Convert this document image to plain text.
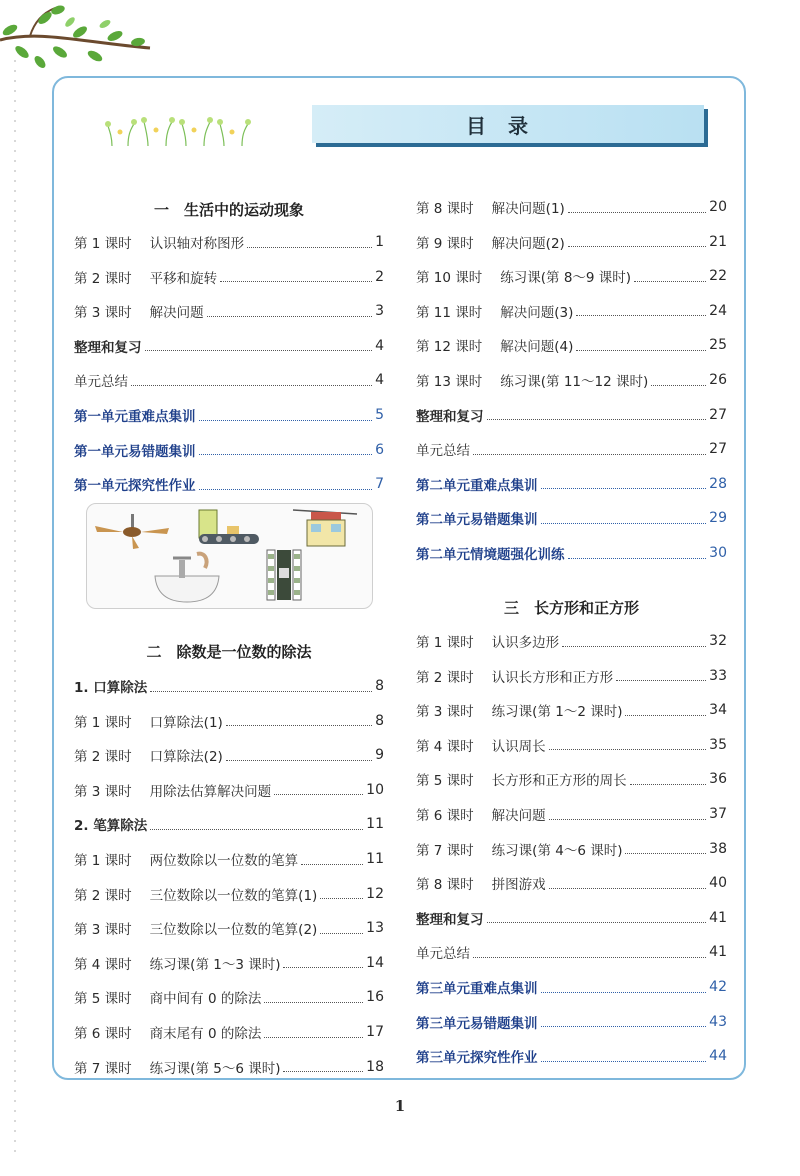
目录
1
一　生活中的运动现象
第 1 课时 认识轴对称图形	1
第 2 课时 平移和旋转	2
第 3 课时 解决问题	3
整理和复习	4
单元总结	4
第一单元重难点集训	5
第一单元易错题集训	6
第一单元探究性作业	7
二　除数是一位数的除法
1. 口算除法	8
第 1 课时 口算除法(1)	8
第 2 课时 口算除法(2)	9
第 3 课时 用除法估算解决问题	10
2. 笔算除法	11
第 1 课时 两位数除以一位数的笔算	11
第 2 课时 三位数除以一位数的笔算(1)	12
第 3 课时 三位数除以一位数的笔算(2)	13
第 4 课时 练习课(第 1～3 课时)	14
第 5 课时 商中间有 0 的除法	16
第 6 课时 商末尾有 0 的除法	17
第 7 课时 练习课(第 5～6 课时)	18
第 8 课时 解决问题(1)	20
第 9 课时 解决问题(2)	21
第 10 课时 练习课(第 8～9 课时)	22
第 11 课时 解决问题(3)	24
第 12 课时 解决问题(4)	25
第 13 课时 练习课(第 11～12 课时)	26
整理和复习	27
单元总结	27
第二单元重难点集训	28
第二单元易错题集训	29
第二单元情境题强化训练	30
三　长方形和正方形
第 1 课时 认识多边形	32
第 2 课时 认识长方形和正方形	33
第 3 课时 练习课(第 1～2 课时)	34
第 4 课时 认识周长	35
第 5 课时 长方形和正方形的周长	36
第 6 课时 解决问题	37
第 7 课时 练习课(第 4～6 课时)	38
第 8 课时 拼图游戏	40
整理和复习	41
单元总结	41
第三单元重难点集训	42
第三单元易错题集训	43
第三单元探究性作业	44
